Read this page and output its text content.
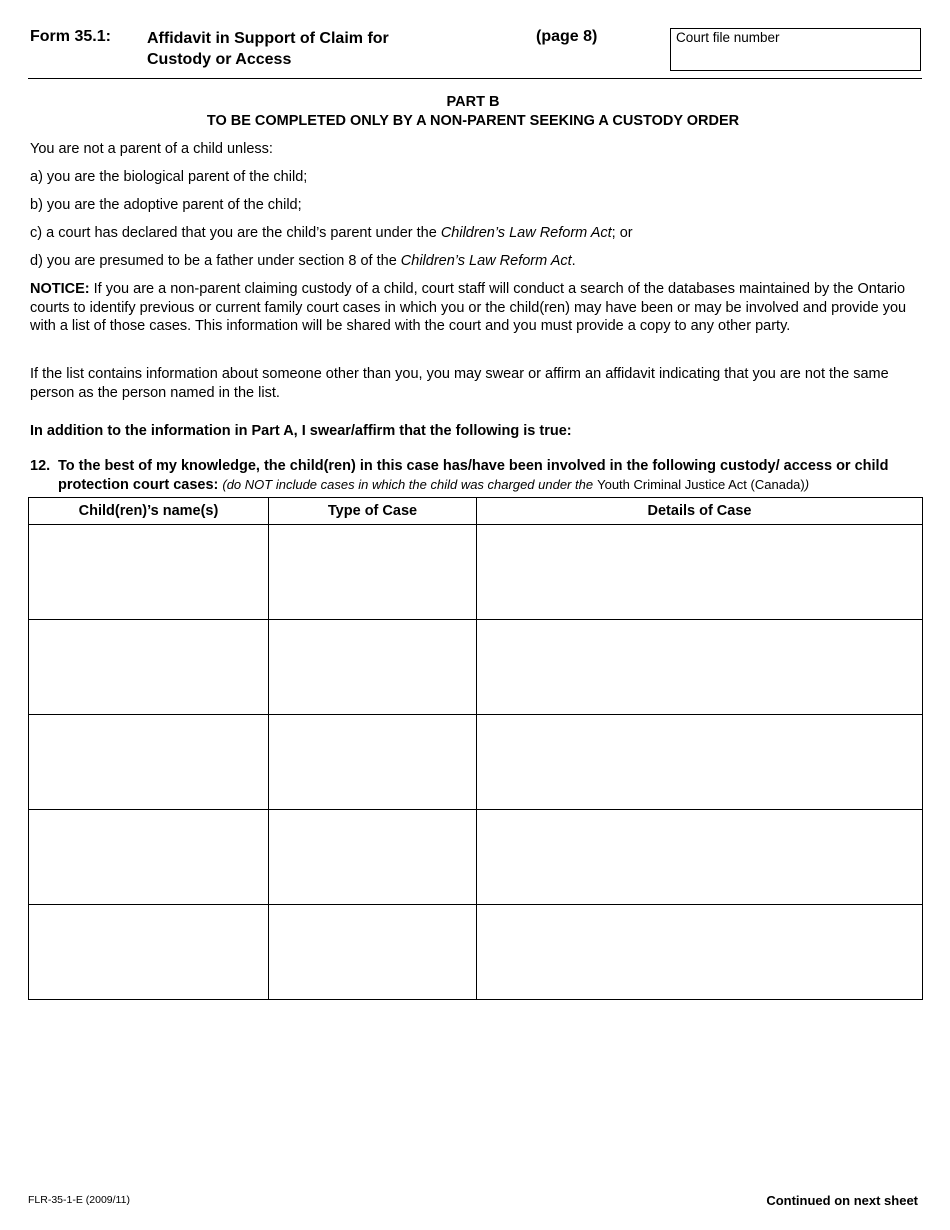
Form 35.1: Affidavit in Support of Claim for
Custody or Access
(page 8)	Court file number
PART B
TO BE COMPLETED ONLY BY A NON-PARENT SEEKING A CUSTODY ORDER
You are not a parent of a child unless:
a) you are the biological parent of the child;
b) you are the adoptive parent of the child;
c) a court has declared that you are the child’s parent under the Children’s Law Reform Act; or
d) you are presumed to be a father under section 8 of the Children’s Law Reform Act.
NOTICE: If you are a non-parent claiming custody of a child, court staff will conduct a search of the databases maintained by the Ontario courts to identify previous or current family court cases in which you or the child(ren) may have been or may be involved and provide you with a list of those cases. This information will be shared with the court and you must provide a copy to any other party.
If the list contains information about someone other than you, you may swear or affirm an affidavit indicating that you are not the same person as the person named in the list.
In addition to the information in Part A, I swear/affirm that the following is true:
12. To the best of my knowledge, the child(ren) in this case has/have been involved in the following custody/ access or child protection court cases: (do NOT include cases in which the child was charged under the Youth Criminal Justice Act (Canada))
Child(ren)’s name(s)	Type of Case	Details of Case

FLR-35-1-E (2009/11)	Continued on next sheet
